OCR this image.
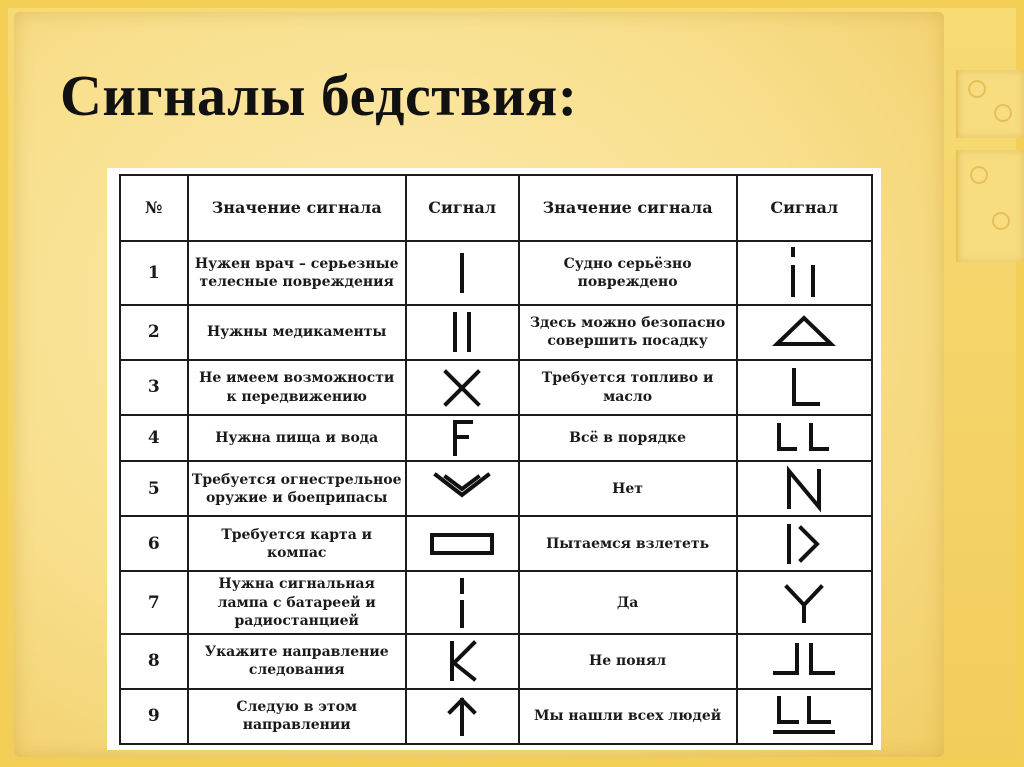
Сигналы бедствия:
№	Значение сигнала	Сигнал	Значение сигнала	Сигнал
1	Нужен врач – серьезные телесные повреждения		Судно серьёзно повреждено	

2	Нужны медикаменты		Здесь можно безопасно совершить посадку	

3	Не имеем возможности к передвижению		Требуется топливо и масло	

4	Нужна пища и вода		Всё в порядке	

5	Требуется огнестрельное оружие и боеприпасы		Нет	

6	Требуется карта и компас		Пытаемся взлететь	

7	Нужна сигнальная лампа с батареей и радиостанцией		Да	

8	Укажите направление следования		Не понял	

9	Следую в этом направлении		Мы нашли всех людей	
